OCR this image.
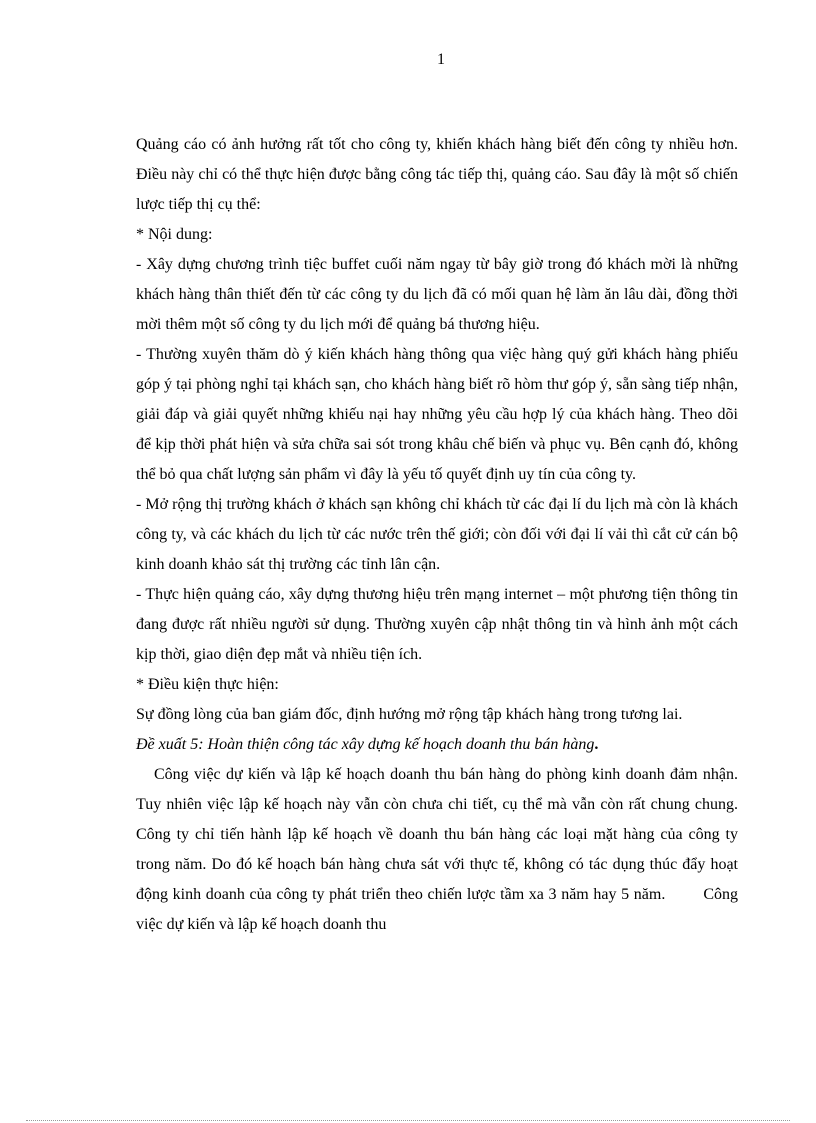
1

Quảng cáo có ảnh hưởng rất tốt cho công ty, khiến khách hàng biết đến công ty nhiều hơn. Điều này chỉ có thể thực hiện được bằng công tác tiếp thị, quảng cáo. Sau đây là một số chiến lược tiếp thị cụ thể:

* Nội dung:

- Xây dựng chương trình tiệc buffet cuối năm ngay từ bây giờ trong đó khách mời là những khách hàng thân thiết đến từ các công ty du lịch đã có mối quan hệ làm ăn lâu dài, đồng thời mời thêm một số công ty du lịch mới để quảng bá thương hiệu.

- Thường xuyên thăm dò ý kiến khách hàng thông qua việc hàng quý gửi khách hàng phiếu góp ý tại phòng nghỉ tại khách sạn, cho khách hàng biết rõ hòm thư góp ý, sẵn sàng tiếp nhận, giải đáp và giải quyết những khiếu nại hay những yêu cầu hợp lý của khách hàng. Theo dõi để kịp thời phát hiện và sửa chữa sai sót trong khâu chế biến và phục vụ. Bên cạnh đó, không thể bỏ qua chất lượng sản phẩm vì đây là yếu tố quyết định uy tín của công ty.

- Mở rộng thị trường khách ở khách sạn không chỉ khách từ các đại lí du lịch mà còn là khách công ty, và các khách du lịch từ các nước trên thế giới; còn đối với đại lí vải thì cắt cử cán bộ kinh doanh khảo sát thị trường các tỉnh lân cận.

- Thực hiện quảng cáo, xây dựng thương hiệu trên mạng internet – một phương tiện thông tin đang được rất nhiều người sử dụng. Thường xuyên cập nhật thông tin và hình ảnh một cách kịp thời, giao diện đẹp mắt và nhiều tiện ích.

* Điều kiện thực hiện:

Sự đồng lòng của ban giám đốc, định hướng mở rộng tập khách hàng trong tương lai.

Đề xuất 5: Hoàn thiện công tác xây dựng kế hoạch doanh thu bán hàng.

Công việc dự kiến và lập kế hoạch doanh thu bán hàng do phòng kinh doanh đảm nhận. Tuy nhiên việc lập kế hoạch này vẫn còn chưa chi tiết, cụ thể mà vẫn còn rất chung chung. Công ty chỉ tiến hành lập kế hoạch về doanh thu bán hàng các loại mặt hàng của công ty trong năm. Do đó kế hoạch bán hàng chưa sát với thực tế, không có tác dụng thúc đẩy hoạt động kinh doanh của công ty phát triển theo chiến lược tầm xa 3 năm hay 5 năm. Công việc dự kiến và lập kế hoạch doanh thu
